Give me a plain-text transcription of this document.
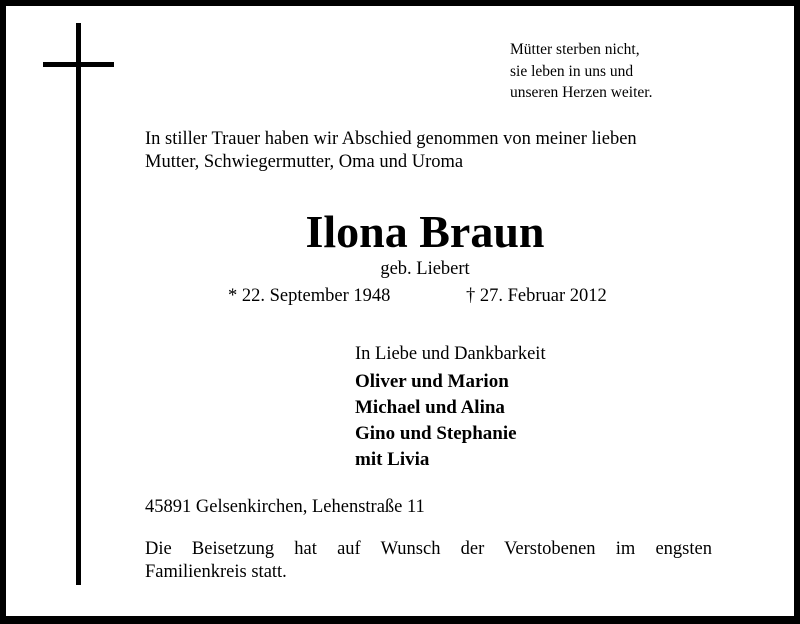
Mütter sterben nicht,
sie leben in uns und
unseren Herzen weiter.
In stiller Trauer haben wir Abschied genommen von meiner lieben
Mutter, Schwiegermutter, Oma und Uroma
Ilona Braun
geb. Liebert
* 22. September 1948	† 27. Februar 2012
In Liebe und Dankbarkeit
Oliver und Marion
Michael und Alina
Gino und Stephanie
mit Livia
45891 Gelsenkirchen, Lehenstraße 11
Die Beisetzung hat auf Wunsch der Verstobenen im engsten
Familienkreis statt.
